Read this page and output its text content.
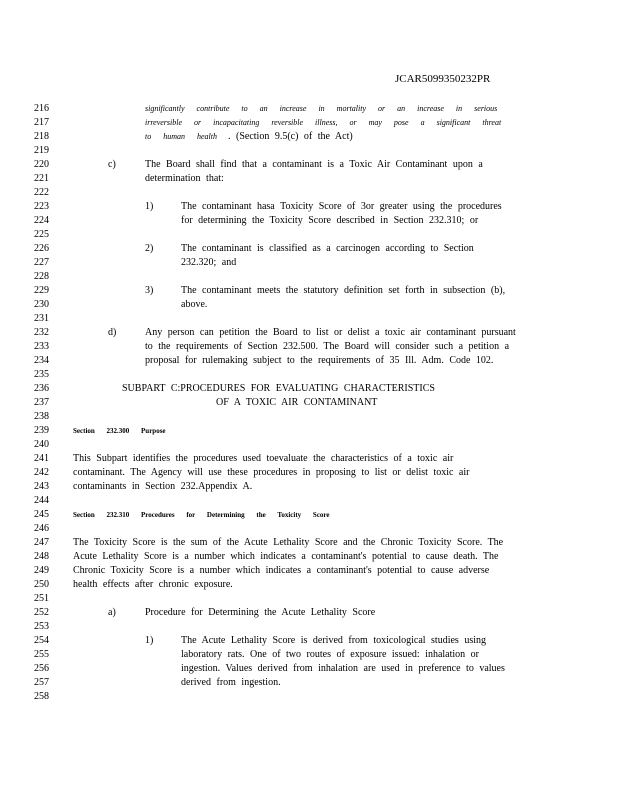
JCAR5099350232PR
216	significantly contribute to an increase in mortality or an increase in serious
217	irreversible or incapacitating reversible illness, or may pose a significant threat
218	to human health . (Section 9.5(c) of the Act)
219
220	c)	The Board shall find that a contaminant is a Toxic Air Contaminant upon a
221	determination that:
222
223	1)	The contaminant hasa Toxicity Score of 3or greater using the procedures
224	for determining the Toxicity Score described in Section 232.310; or
225
226	2)	The contaminant is classified as a carcinogen according to Section
227	232.320; and
228
229	3)	The contaminant meets the statutory definition set forth in subsection (b),
230	above.
231
232	d)	Any person can petition the Board to list or delist a toxic air contaminant pursuant
233	to the requirements of Section 232.500. The Board will consider such a petition a
234	proposal for rulemaking subject to the requirements of 35 Ill. Adm. Code 102.
235
236	SUBPART C:PROCEDURES FOR EVALUATING CHARACTERISTICS
237	OF A TOXIC AIR CONTAMINANT
238
239	Section 232.300 Purpose
240
241	This Subpart identifies the procedures used toevaluate the characteristics of a toxic air
242	contaminant. The Agency will use these procedures in proposing to list or delist toxic air
243	contaminants in Section 232.Appendix A.
244
245	Section 232.310 Procedures for Determining the Toxicity Score
246
247	The Toxicity Score is the sum of the Acute Lethality Score and the Chronic Toxicity Score. The
248	Acute Lethality Score is a number which indicates a contaminant's potential to cause death. The
249	Chronic Toxicity Score is a number which indicates a contaminant's potential to cause adverse
250	health effects after chronic exposure.
251
252	a)	Procedure for Determining the Acute Lethality Score
253
254	1)	The Acute Lethality Score is derived from toxicological studies using
255	laboratory rats. One of two routes of exposure issued: inhalation or
256	ingestion. Values derived from inhalation are used in preference to values
257	derived from ingestion.
258
